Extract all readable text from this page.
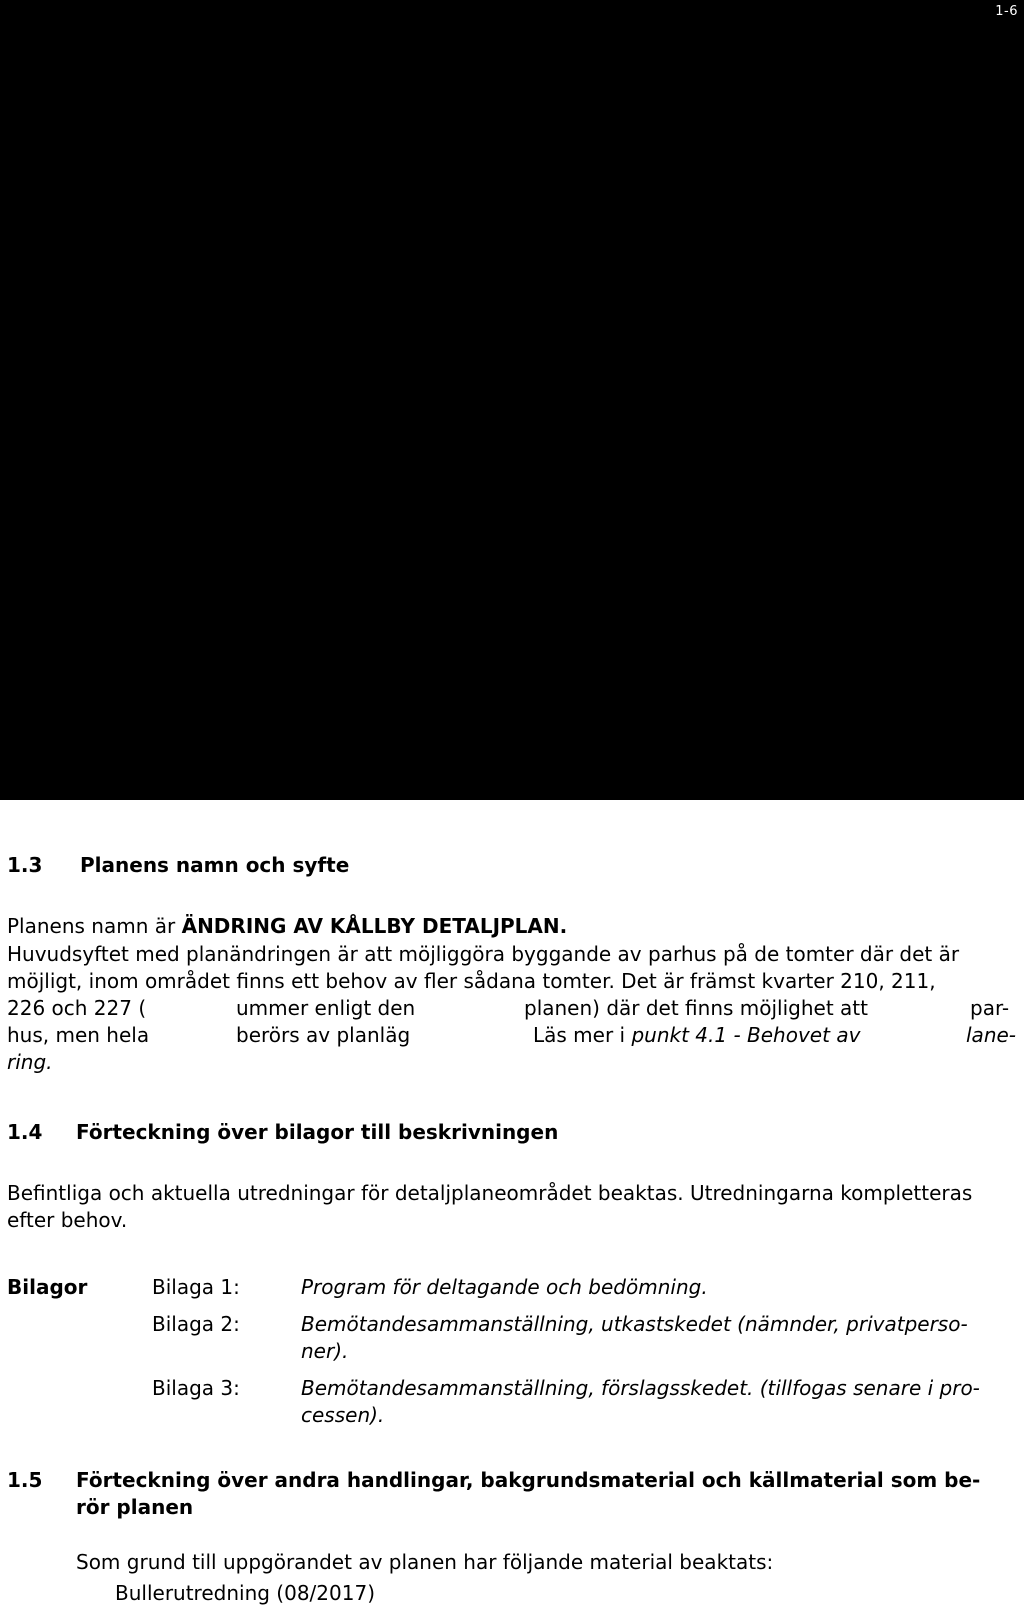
1-6
1.3 Planens namn och syfte
Planens namn är ÄNDRING AV KÅLLBY DETALJPLAN.
Huvudsyftet med planändringen är att möjliggöra byggande av parhus på de tomter där det är
möjligt, inom området finns ett behov av fler sådana tomter. Det är främst kvarter 210, 211,
226 och 227 (	ummer enligt den	planen) där det finns möjlighet att	par-
hus, men hela	berörs av planläg	Läs mer i punkt 4.1 - Behovet av	lane-
ring.
1.4 Förteckning över bilagor till beskrivningen
Befintliga och aktuella utredningar för detaljplaneområdet beaktas. Utredningarna kompletteras
efter behov.
Bilagor	Bilaga 1:	Program för deltagande och bedömning.
Bilaga 2:	Bemötandesammanställning, utkastskedet (nämnder, privatperso-
ner).
Bilaga 3:	Bemötandesammanställning, förslagsskedet. (tillfogas senare i pro-
cessen).
1.5 Förteckning över andra handlingar, bakgrundsmaterial och källmaterial som be-
rör planen
Som grund till uppgörandet av planen har följande material beaktats:
Bullerutredning (08/2017)
